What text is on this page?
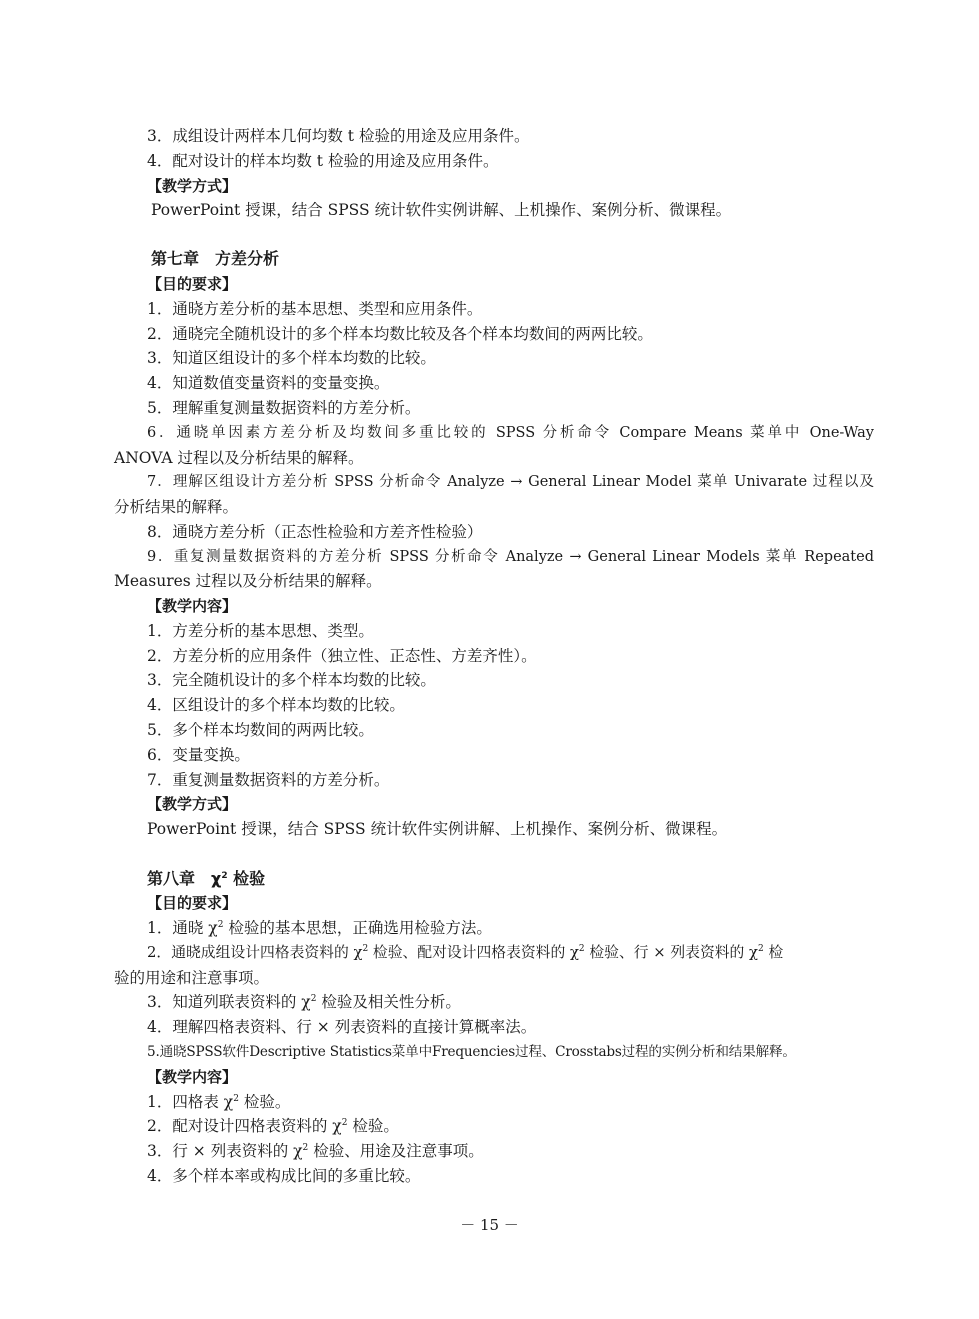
3．成组设计两样本几何均数 t 检验的用途及应用条件。
4．配对设计的样本均数 t 检验的用途及应用条件。
【教学方式】
PowerPoint 授课，结合 SPSS 统计软件实例讲解、上机操作、案例分析、微课程。
第七章　方差分析
【目的要求】
1．通晓方差分析的基本思想、类型和应用条件。
2．通晓完全随机设计的多个样本均数比较及各个样本均数间的两两比较。
3．知道区组设计的多个样本均数的比较。
4．知道数值变量资料的变量变换。
5．理解重复测量数据资料的方差分析。
6．通晓单因素方差分析及均数间多重比较的 SPSS 分析命令 Compare Means 菜单中 One-Way
ANOVA 过程以及分析结果的解释。
7．理解区组设计方差分析 SPSS 分析命令 Analyze → General Linear Model 菜单 Univarate 过程以及
分析结果的解释。
8．通晓方差分析（正态性检验和方差齐性检验）
9．重复测量数据资料的方差分析 SPSS 分析命令 Analyze → General Linear Models 菜单 Repeated
Measures 过程以及分析结果的解释。
【教学内容】
1．方差分析的基本思想、类型。
2．方差分析的应用条件（独立性、正态性、方差齐性）。
3．完全随机设计的多个样本均数的比较。
4．区组设计的多个样本均数的比较。
5．多个样本均数间的两两比较。
6．变量变换。
7．重复测量数据资料的方差分析。
【教学方式】
PowerPoint 授课，结合 SPSS 统计软件实例讲解、上机操作、案例分析、微课程。
第八章　$\chi^2$ 检验
【目的要求】
1．通晓 $\chi^2$ 检验的基本思想，正确选用检验方法。
2．通晓成组设计四格表资料的 $\chi^2$ 检验、配对设计四格表资料的 $\chi^2$ 检验、行 × 列表资料的 $\chi^2$ 检
验的用途和注意事项。
3．知道列联表资料的 $\chi^2$ 检验及相关性分析。
4．理解四格表资料、行 × 列表资料的直接计算概率法。
5.通晓SPSS软件Descriptive Statistics菜单中Frequencies过程、Crosstabs过程的实例分析和结果解释。
【教学内容】
1．四格表 $\chi^2$ 检验。
2．配对设计四格表资料的 $\chi^2$ 检验。
3．行 × 列表资料的 $\chi^2$ 检验、用途及注意事项。
4．多个样本率或构成比间的多重比较。
－ 15 －
